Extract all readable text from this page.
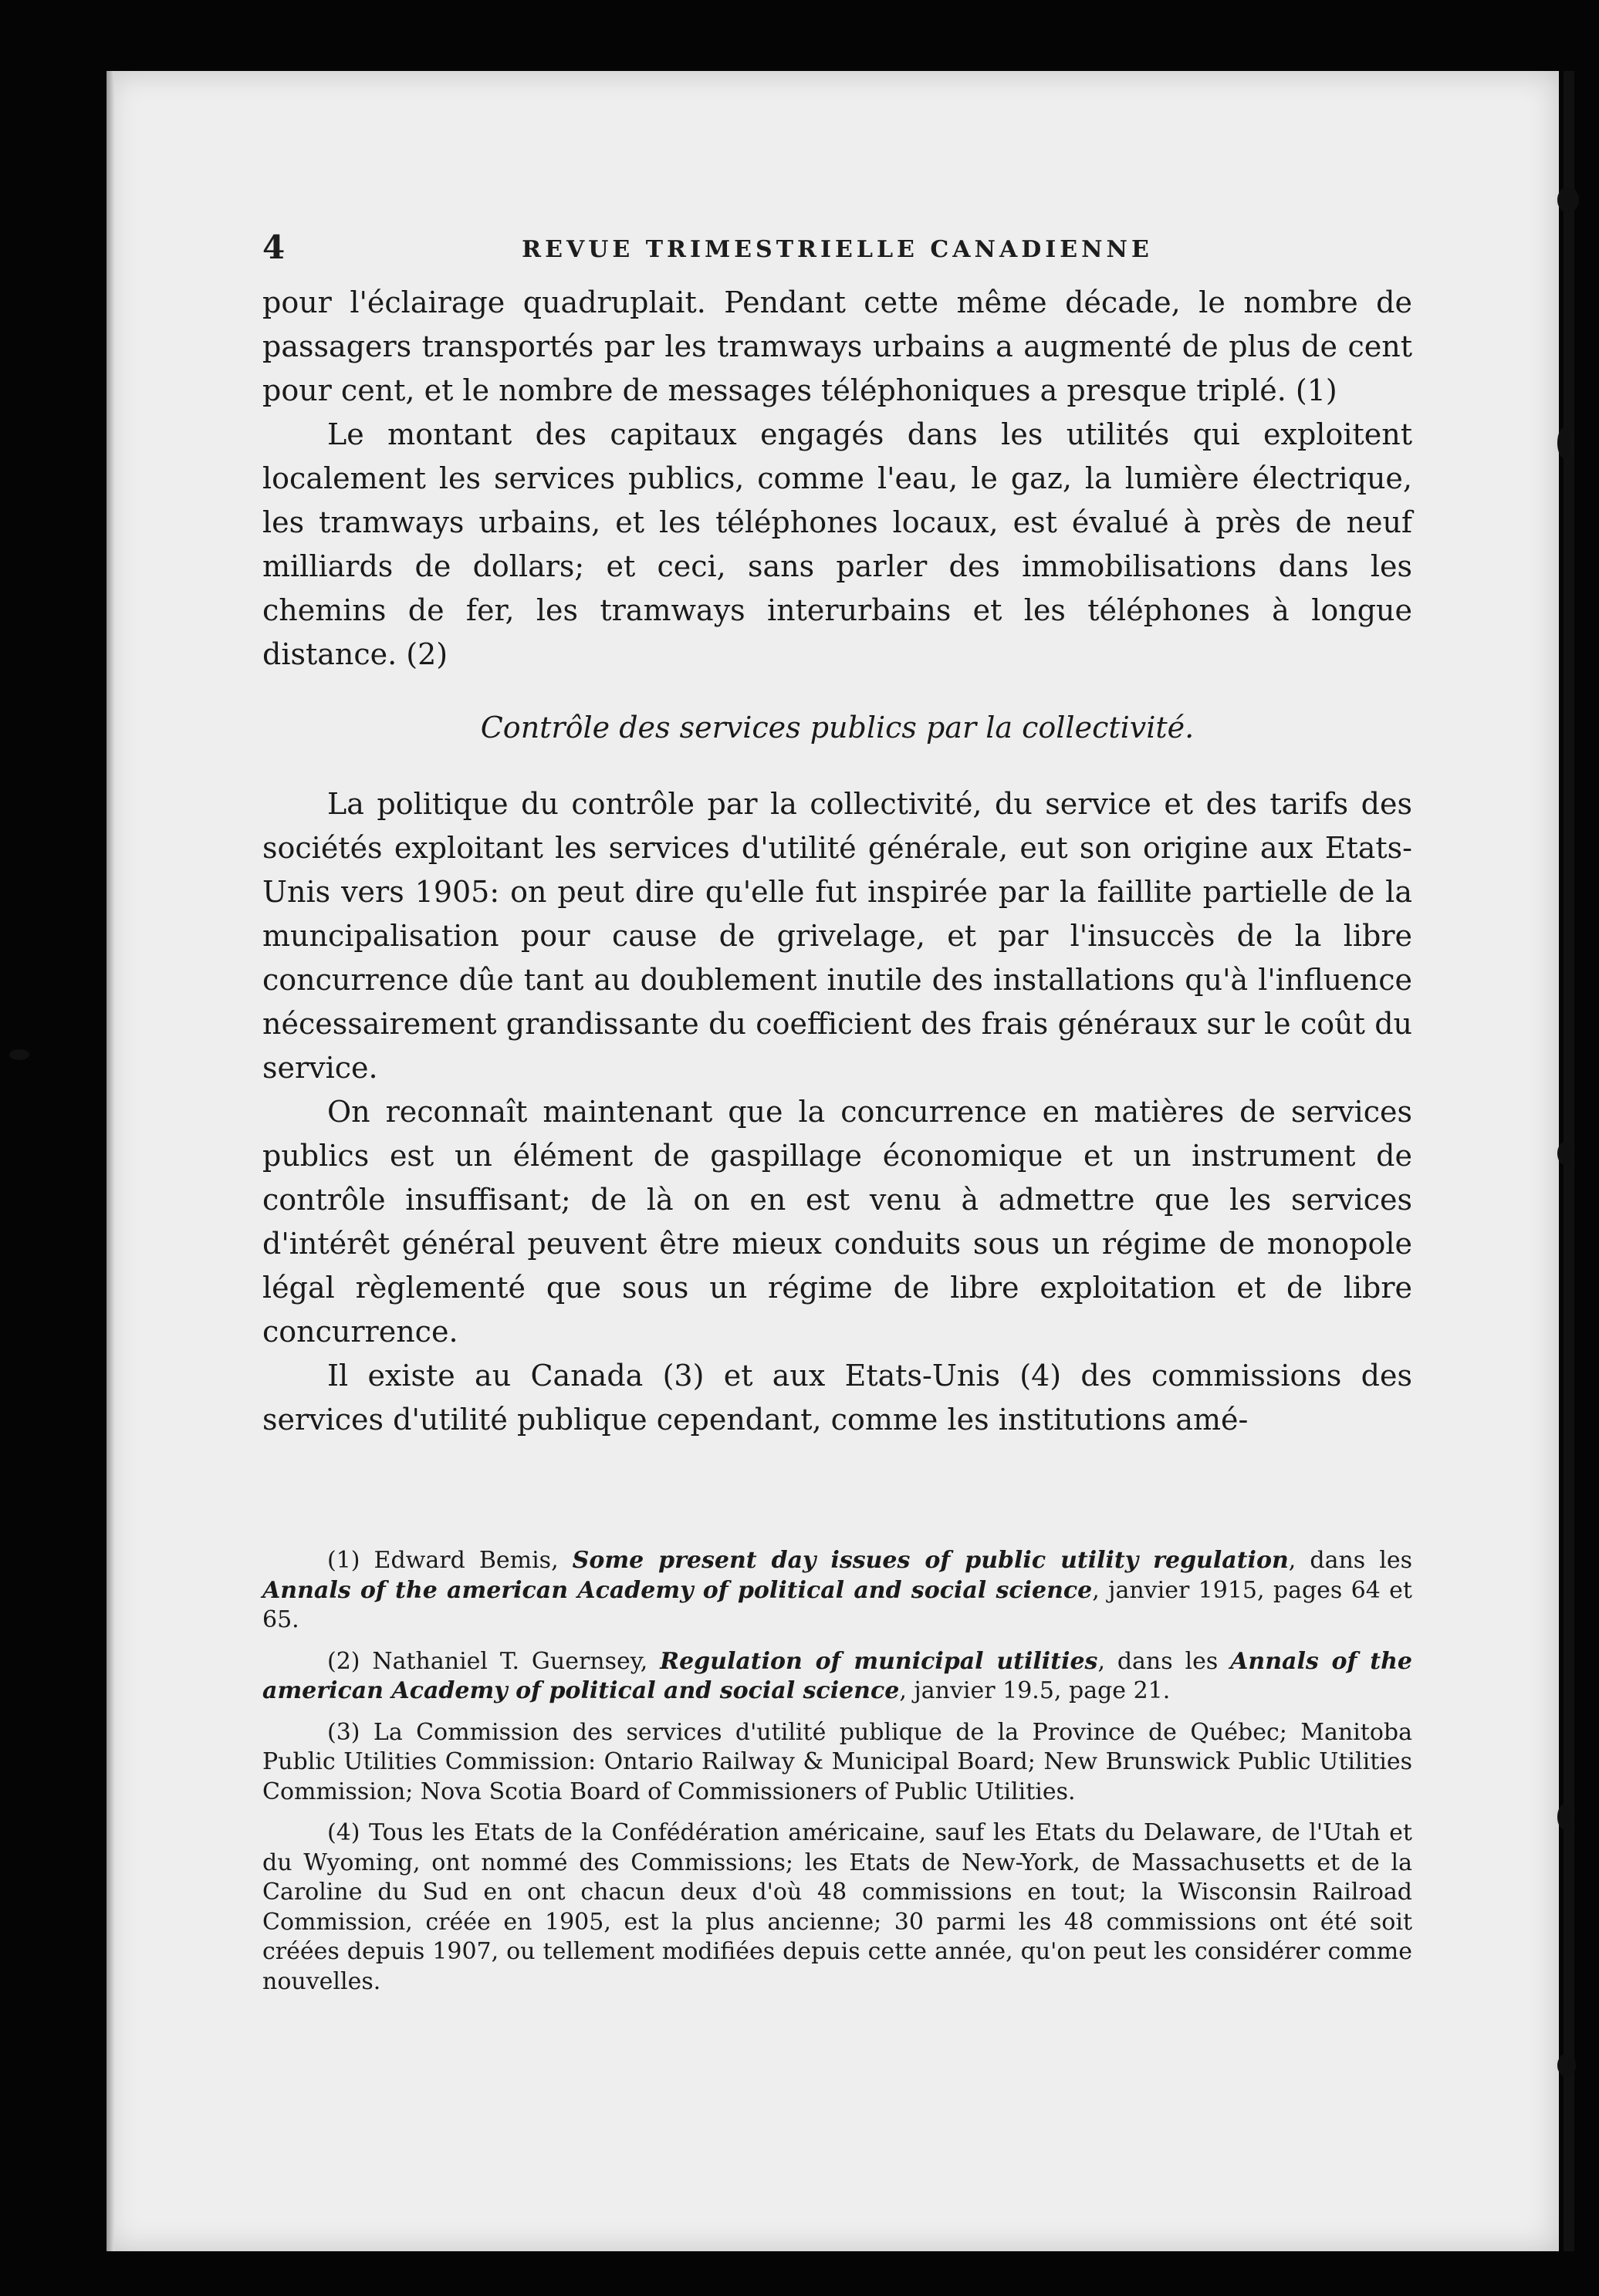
4	REVUE TRIMESTRIELLE CANADIENNE

pour l'éclairage quadruplait. Pendant cette même décade, le nombre de passagers transportés par les tramways urbains a augmenté de plus de cent pour cent, et le nombre de messages téléphoniques a presque triplé. (1)

Le montant des capitaux engagés dans les utilités qui exploitent localement les services publics, comme l'eau, le gaz, la lumière électrique, les tramways urbains, et les téléphones locaux, est évalué à près de neuf milliards de dollars; et ceci, sans parler des immobilisations dans les chemins de fer, les tramways interurbains et les téléphones à longue distance. (2)

Contrôle des services publics par la collectivité.

La politique du contrôle par la collectivité, du service et des tarifs des sociétés exploitant les services d'utilité générale, eut son origine aux Etats-Unis vers 1905: on peut dire qu'elle fut inspirée par la faillite partielle de la muncipalisation pour cause de grivelage, et par l'insuccès de la libre concurrence dûe tant au doublement inutile des installations qu'à l'influence nécessairement grandissante du coefficient des frais généraux sur le coût du service.

On reconnaît maintenant que la concurrence en matières de services publics est un élément de gaspillage économique et un instrument de contrôle insuffisant; de là on en est venu à admettre que les services d'intérêt général peuvent être mieux conduits sous un régime de monopole légal règlementé que sous un régime de libre exploitation et de libre concurrence.

Il existe au Canada (3) et aux Etats-Unis (4) des commissions des services d'utilité publique cependant, comme les institutions amé-

(1) Edward Bemis, Some present day issues of public utility regulation, dans les Annals of the american Academy of political and social science, janvier 1915, pages 64 et 65.

(2) Nathaniel T. Guernsey, Regulation of municipal utilities, dans les Annals of the american Academy of political and social science, janvier 19.5, page 21.

(3) La Commission des services d'utilité publique de la Province de Québec; Manitoba Public Utilities Commission: Ontario Railway & Municipal Board; New Brunswick Public Utilities Commission; Nova Scotia Board of Commissioners of Public Utilities.

(4) Tous les Etats de la Confédération américaine, sauf les Etats du Delaware, de l'Utah et du Wyoming, ont nommé des Commissions; les Etats de New-York, de Massachusetts et de la Caroline du Sud en ont chacun deux d'où 48 commissions en tout; la Wisconsin Railroad Commission, créée en 1905, est la plus ancienne; 30 parmi les 48 commissions ont été soit créées depuis 1907, ou tellement modifiées depuis cette année, qu'on peut les considérer comme nouvelles.
